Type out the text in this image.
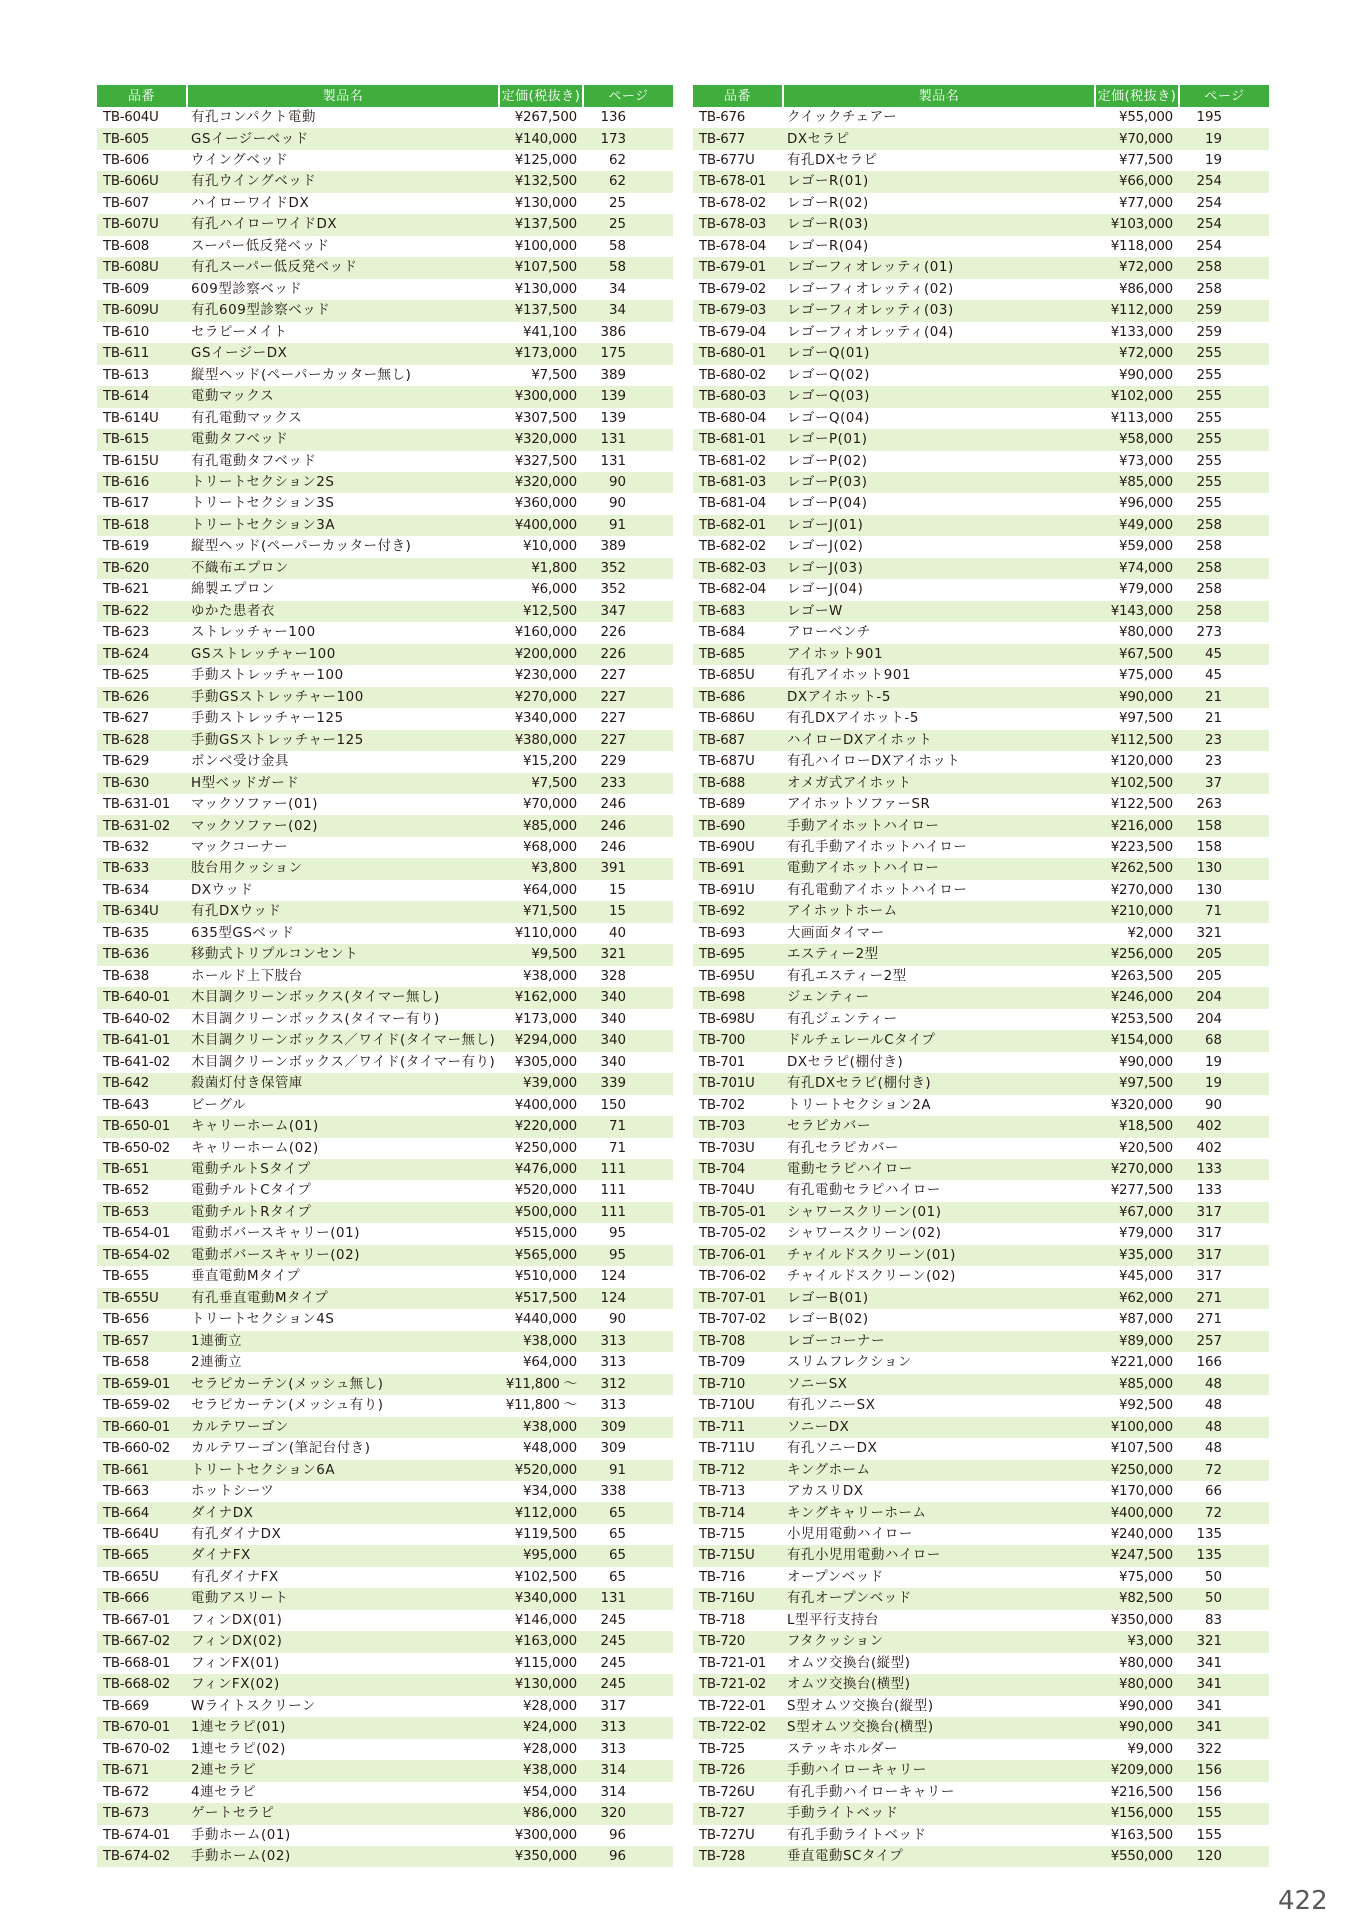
品番	製品名	定価(税抜き)	ページ
TB-604U	有孔コンパクト電動	¥267,500	136
TB-605	GSイージーベッド	¥140,000	173
TB-606	ウイングベッド	¥125,000	62
TB-606U	有孔ウイングベッド	¥132,500	62
TB-607	ハイローワイドDX	¥130,000	25
TB-607U	有孔ハイローワイドDX	¥137,500	25
TB-608	スーパー低反発ベッド	¥100,000	58
TB-608U	有孔スーパー低反発ベッド	¥107,500	58
TB-609	609型診察ベッド	¥130,000	34
TB-609U	有孔609型診察ベッド	¥137,500	34
TB-610	セラピーメイト	¥41,100	386
TB-611	GSイージーDX	¥173,000	175
TB-613	縦型ヘッド(ペーパーカッター無し)	¥7,500	389
TB-614	電動マックス	¥300,000	139
TB-614U	有孔電動マックス	¥307,500	139
TB-615	電動タフベッド	¥320,000	131
TB-615U	有孔電動タフベッド	¥327,500	131
TB-616	トリートセクション2S	¥320,000	90
TB-617	トリートセクション3S	¥360,000	90
TB-618	トリートセクション3A	¥400,000	91
TB-619	縦型ヘッド(ペーパーカッター付き)	¥10,000	389
TB-620	不織布エプロン	¥1,800	352
TB-621	綿製エプロン	¥6,000	352
TB-622	ゆかた患者衣	¥12,500	347
TB-623	ストレッチャー100	¥160,000	226
TB-624	GSストレッチャー100	¥200,000	226
TB-625	手動ストレッチャー100	¥230,000	227
TB-626	手動GSストレッチャー100	¥270,000	227
TB-627	手動ストレッチャー125	¥340,000	227
TB-628	手動GSストレッチャー125	¥380,000	227
TB-629	ボンベ受け金具	¥15,200	229
TB-630	H型ベッドガード	¥7,500	233
TB-631-01	マックソファー(01)	¥70,000	246
TB-631-02	マックソファー(02)	¥85,000	246
TB-632	マックコーナー	¥68,000	246
TB-633	肢台用クッション	¥3,800	391
TB-634	DXウッド	¥64,000	15
TB-634U	有孔DXウッド	¥71,500	15
TB-635	635型GSベッド	¥110,000	40
TB-636	移動式トリプルコンセント	¥9,500	321
TB-638	ホールド上下肢台	¥38,000	328
TB-640-01	木目調クリーンボックス(タイマー無し)	¥162,000	340
TB-640-02	木目調クリーンボックス(タイマー有り)	¥173,000	340
TB-641-01	木目調クリーンボックス／ワイド(タイマー無し)	¥294,000	340
TB-641-02	木目調クリーンボックス／ワイド(タイマー有り)	¥305,000	340
TB-642	殺菌灯付き保管庫	¥39,000	339
TB-643	ビーグル	¥400,000	150
TB-650-01	キャリーホーム(01)	¥220,000	71
TB-650-02	キャリーホーム(02)	¥250,000	71
TB-651	電動チルトSタイプ	¥476,000	111
TB-652	電動チルトCタイプ	¥520,000	111
TB-653	電動チルトRタイプ	¥500,000	111
TB-654-01	電動ボバースキャリー(01)	¥515,000	95
TB-654-02	電動ボバースキャリー(02)	¥565,000	95
TB-655	垂直電動Mタイプ	¥510,000	124
TB-655U	有孔垂直電動Mタイプ	¥517,500	124
TB-656	トリートセクション4S	¥440,000	90
TB-657	1連衝立	¥38,000	313
TB-658	2連衝立	¥64,000	313
TB-659-01	セラピカーテン(メッシュ無し)	¥11,800 〜	312
TB-659-02	セラピカーテン(メッシュ有り)	¥11,800 〜	313
TB-660-01	カルテワーゴン	¥38,000	309
TB-660-02	カルテワーゴン(筆記台付き)	¥48,000	309
TB-661	トリートセクション6A	¥520,000	91
TB-663	ホットシーツ	¥34,000	338
TB-664	ダイナDX	¥112,000	65
TB-664U	有孔ダイナDX	¥119,500	65
TB-665	ダイナFX	¥95,000	65
TB-665U	有孔ダイナFX	¥102,500	65
TB-666	電動アスリート	¥340,000	131
TB-667-01	フィンDX(01)	¥146,000	245
TB-667-02	フィンDX(02)	¥163,000	245
TB-668-01	フィンFX(01)	¥115,000	245
TB-668-02	フィンFX(02)	¥130,000	245
TB-669	Wライトスクリーン	¥28,000	317
TB-670-01	1連セラピ(01)	¥24,000	313
TB-670-02	1連セラピ(02)	¥28,000	313
TB-671	2連セラピ	¥38,000	314
TB-672	4連セラピ	¥54,000	314
TB-673	ゲートセラピ	¥86,000	320
TB-674-01	手動ホーム(01)	¥300,000	96
TB-674-02	手動ホーム(02)	¥350,000	96
品番	製品名	定価(税抜き)	ページ
TB-676	クイックチェアー	¥55,000	195
TB-677	DXセラピ	¥70,000	19
TB-677U	有孔DXセラピ	¥77,500	19
TB-678-01	レゴーR(01)	¥66,000	254
TB-678-02	レゴーR(02)	¥77,000	254
TB-678-03	レゴーR(03)	¥103,000	254
TB-678-04	レゴーR(04)	¥118,000	254
TB-679-01	レゴーフィオレッティ(01)	¥72,000	258
TB-679-02	レゴーフィオレッティ(02)	¥86,000	258
TB-679-03	レゴーフィオレッティ(03)	¥112,000	259
TB-679-04	レゴーフィオレッティ(04)	¥133,000	259
TB-680-01	レゴーQ(01)	¥72,000	255
TB-680-02	レゴーQ(02)	¥90,000	255
TB-680-03	レゴーQ(03)	¥102,000	255
TB-680-04	レゴーQ(04)	¥113,000	255
TB-681-01	レゴーP(01)	¥58,000	255
TB-681-02	レゴーP(02)	¥73,000	255
TB-681-03	レゴーP(03)	¥85,000	255
TB-681-04	レゴーP(04)	¥96,000	255
TB-682-01	レゴーJ(01)	¥49,000	258
TB-682-02	レゴーJ(02)	¥59,000	258
TB-682-03	レゴーJ(03)	¥74,000	258
TB-682-04	レゴーJ(04)	¥79,000	258
TB-683	レゴーW	¥143,000	258
TB-684	アローベンチ	¥80,000	273
TB-685	アイホット901	¥67,500	45
TB-685U	有孔アイホット901	¥75,000	45
TB-686	DXアイホット-5	¥90,000	21
TB-686U	有孔DXアイホット-5	¥97,500	21
TB-687	ハイローDXアイホット	¥112,500	23
TB-687U	有孔ハイローDXアイホット	¥120,000	23
TB-688	オメガ式アイホット	¥102,500	37
TB-689	アイホットソファーSR	¥122,500	263
TB-690	手動アイホットハイロー	¥216,000	158
TB-690U	有孔手動アイホットハイロー	¥223,500	158
TB-691	電動アイホットハイロー	¥262,500	130
TB-691U	有孔電動アイホットハイロー	¥270,000	130
TB-692	アイホットホーム	¥210,000	71
TB-693	大画面タイマー	¥2,000	321
TB-695	エスティー2型	¥256,000	205
TB-695U	有孔エスティー2型	¥263,500	205
TB-698	ジェンティー	¥246,000	204
TB-698U	有孔ジェンティー	¥253,500	204
TB-700	ドルチェレールCタイプ	¥154,000	68
TB-701	DXセラピ(棚付き)	¥90,000	19
TB-701U	有孔DXセラピ(棚付き)	¥97,500	19
TB-702	トリートセクション2A	¥320,000	90
TB-703	セラピカバー	¥18,500	402
TB-703U	有孔セラピカバー	¥20,500	402
TB-704	電動セラピハイロー	¥270,000	133
TB-704U	有孔電動セラピハイロー	¥277,500	133
TB-705-01	シャワースクリーン(01)	¥67,000	317
TB-705-02	シャワースクリーン(02)	¥79,000	317
TB-706-01	チャイルドスクリーン(01)	¥35,000	317
TB-706-02	チャイルドスクリーン(02)	¥45,000	317
TB-707-01	レゴーB(01)	¥62,000	271
TB-707-02	レゴーB(02)	¥87,000	271
TB-708	レゴーコーナー	¥89,000	257
TB-709	スリムフレクション	¥221,000	166
TB-710	ソニーSX	¥85,000	48
TB-710U	有孔ソニーSX	¥92,500	48
TB-711	ソニーDX	¥100,000	48
TB-711U	有孔ソニーDX	¥107,500	48
TB-712	キングホーム	¥250,000	72
TB-713	アカスリDX	¥170,000	66
TB-714	キングキャリーホーム	¥400,000	72
TB-715	小児用電動ハイロー	¥240,000	135
TB-715U	有孔小児用電動ハイロー	¥247,500	135
TB-716	オープンベッド	¥75,000	50
TB-716U	有孔オープンベッド	¥82,500	50
TB-718	L型平行支持台	¥350,000	83
TB-720	フタクッション	¥3,000	321
TB-721-01	オムツ交換台(縦型)	¥80,000	341
TB-721-02	オムツ交換台(横型)	¥80,000	341
TB-722-01	S型オムツ交換台(縦型)	¥90,000	341
TB-722-02	S型オムツ交換台(横型)	¥90,000	341
TB-725	ステッキホルダー	¥9,000	322
TB-726	手動ハイローキャリー	¥209,000	156
TB-726U	有孔手動ハイローキャリー	¥216,500	156
TB-727	手動ライトベッド	¥156,000	155
TB-727U	有孔手動ライトベッド	¥163,500	155
TB-728	垂直電動SCタイプ	¥550,000	120
422
